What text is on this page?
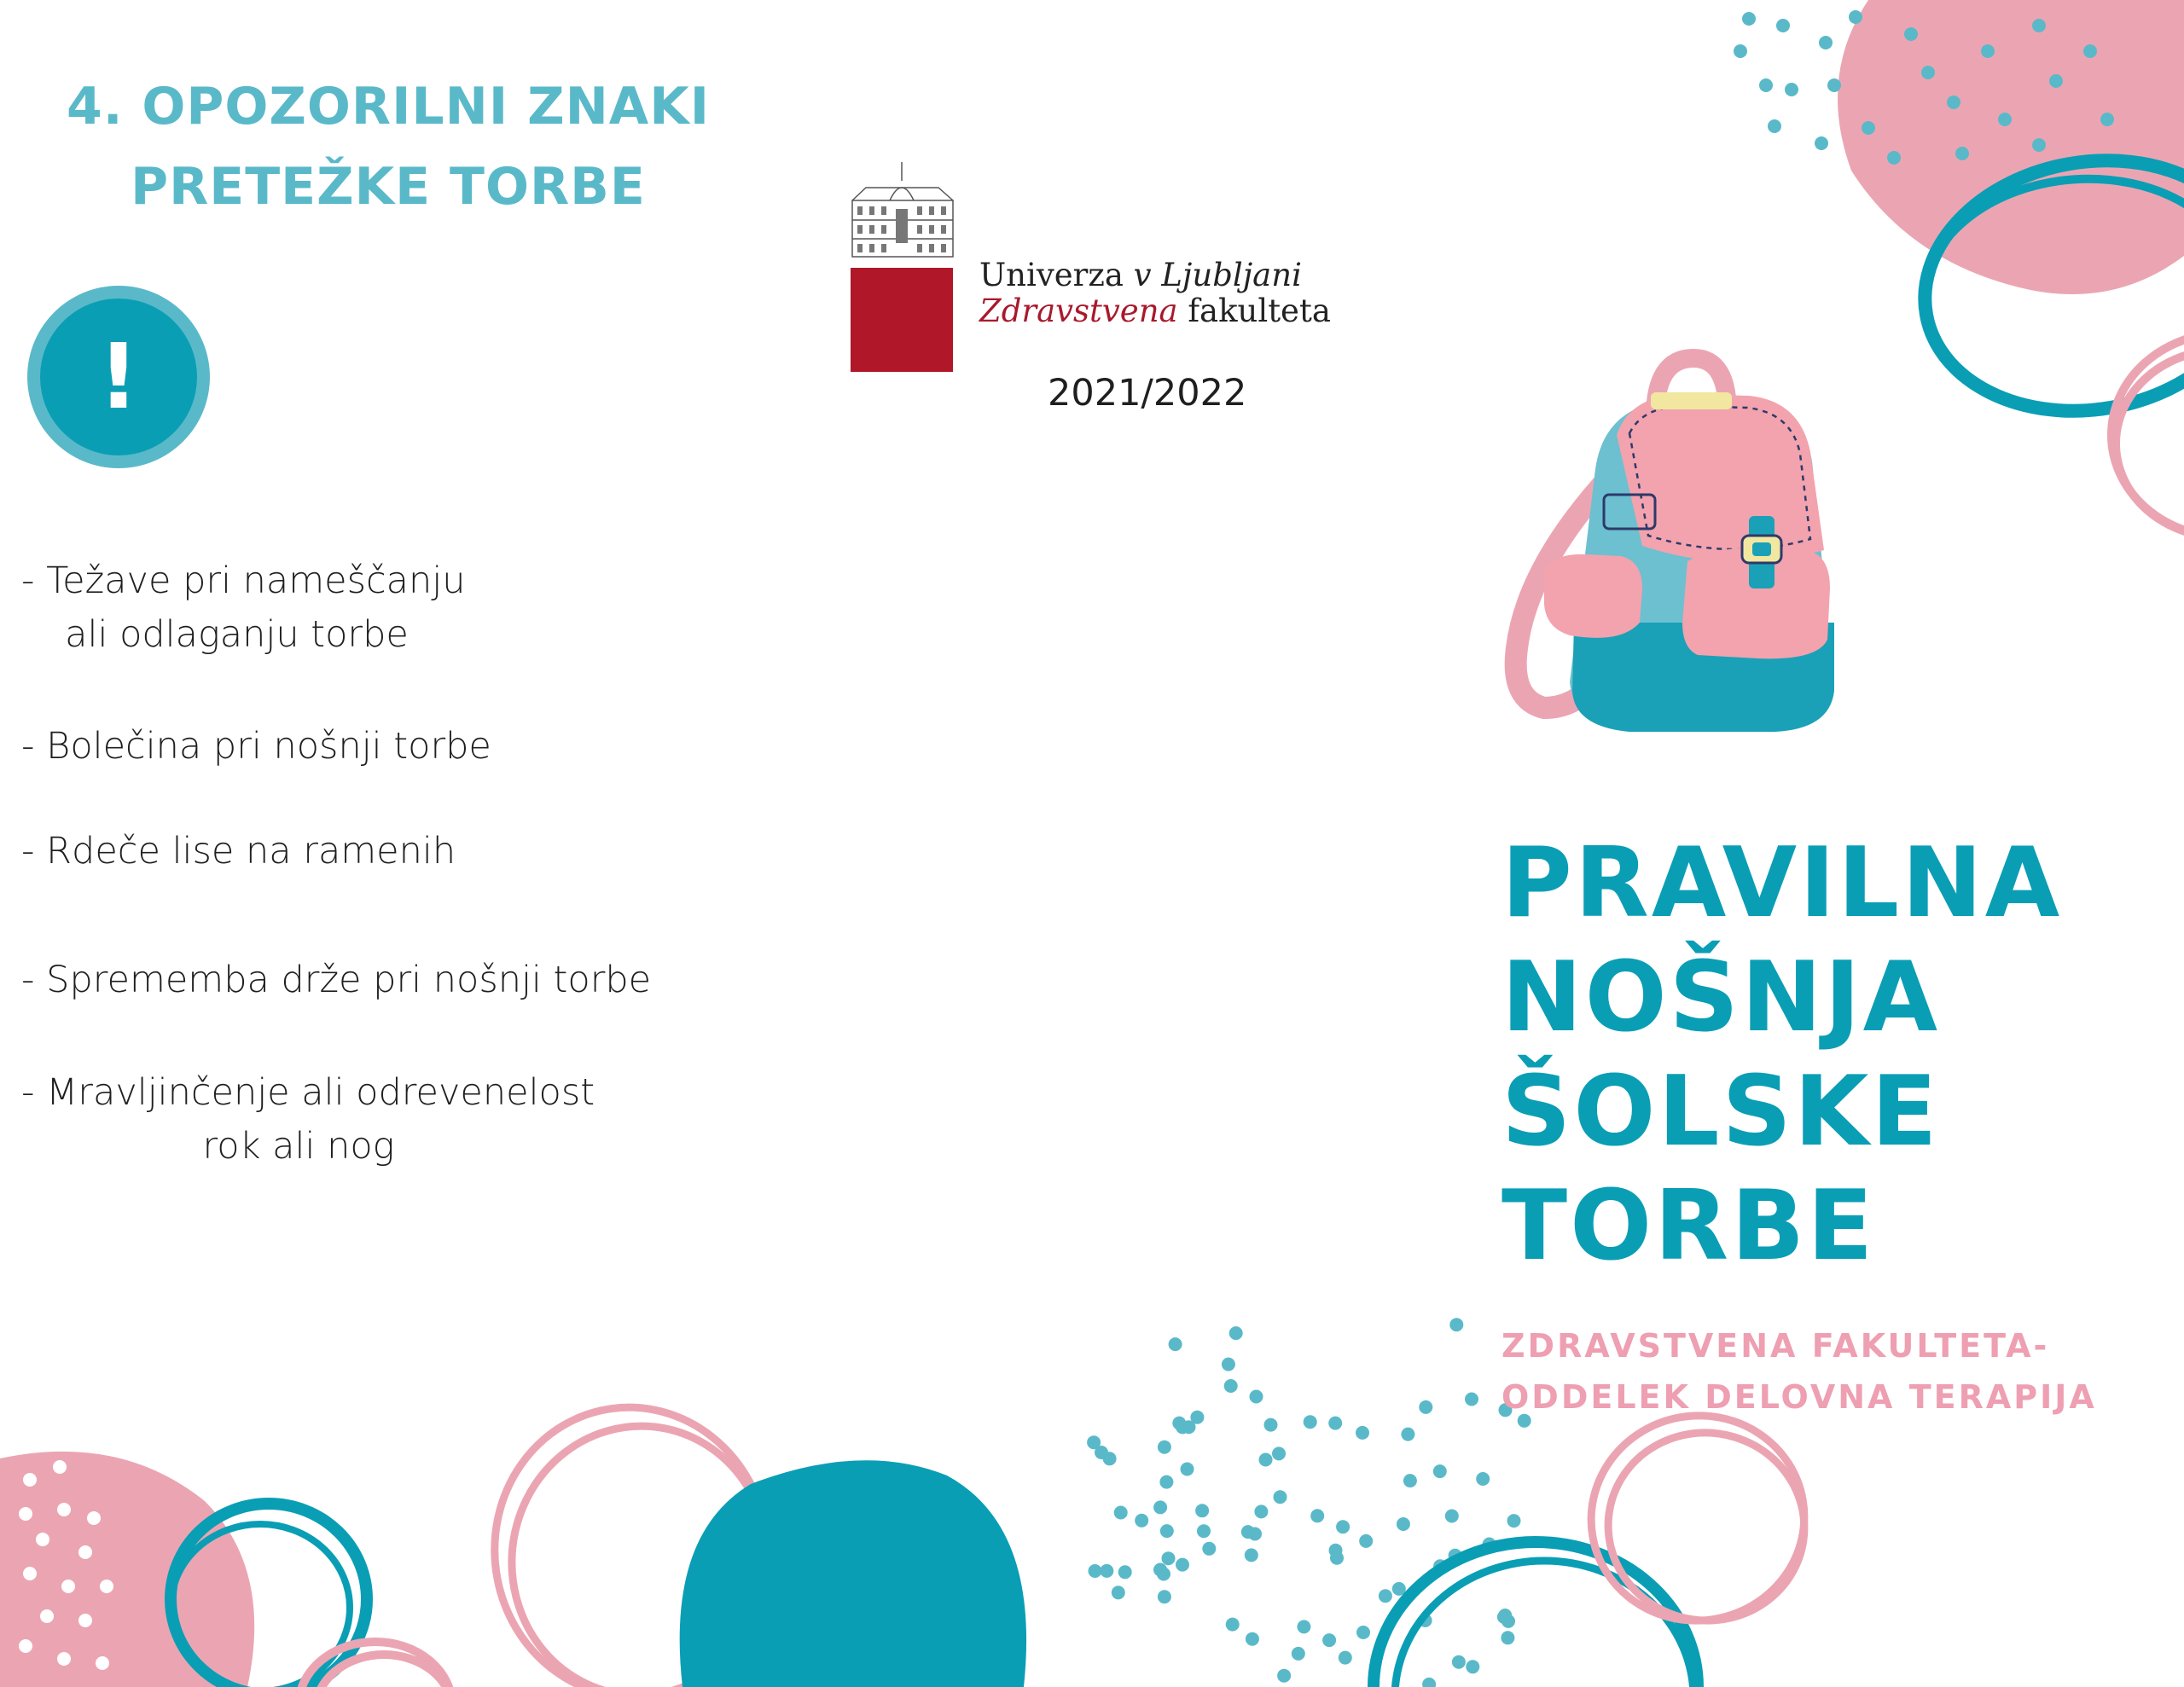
4. OPOZORILNI ZNAKI
PRETEŽKE TORBE
!
- Težave pri nameščanju
ali odlaganju torbe
- Bolečina pri nošnji torbe
- Rdeče lise na ramenih
- Sprememba drže pri nošnji torbe
- Mravljinčenje ali odrevenelost
rok ali nog
Univerza v Ljubljani
Zdravstvena fakulteta
2021/2022
PRAVILNA
NOŠNJA
ŠOLSKE
TORBE
ZDRAVSTVENA FAKULTETA-
ODDELEK DELOVNA TERAPIJA
